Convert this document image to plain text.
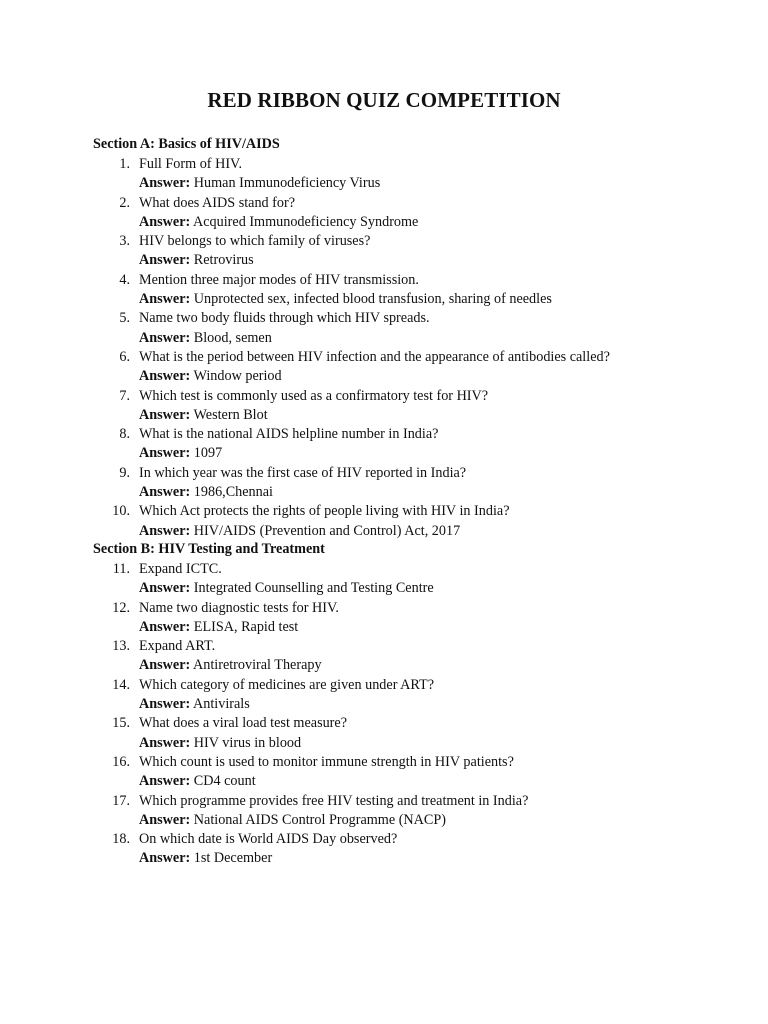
RED RIBBON QUIZ COMPETITION

Section A: Basics of HIV/AIDS

1. Full Form of HIV.
Answer: Human Immunodeficiency Virus
2. What does AIDS stand for?
Answer: Acquired Immunodeficiency Syndrome
3. HIV belongs to which family of viruses?
Answer: Retrovirus
4. Mention three major modes of HIV transmission.
Answer: Unprotected sex, infected blood transfusion, sharing of needles
5. Name two body fluids through which HIV spreads.
Answer: Blood, semen
6. What is the period between HIV infection and the appearance of antibodies called?
Answer: Window period
7. Which test is commonly used as a confirmatory test for HIV?
Answer: Western Blot
8. What is the national AIDS helpline number in India?
Answer: 1097
9. In which year was the first case of HIV reported in India?
Answer: 1986,Chennai
10. Which Act protects the rights of people living with HIV in India?
Answer: HIV/AIDS (Prevention and Control) Act, 2017

Section B: HIV Testing and Treatment

11. Expand ICTC.
Answer: Integrated Counselling and Testing Centre
12. Name two diagnostic tests for HIV.
Answer: ELISA, Rapid test
13. Expand ART.
Answer: Antiretroviral Therapy
14. Which category of medicines are given under ART?
Answer: Antivirals
15. What does a viral load test measure?
Answer: HIV virus in blood
16. Which count is used to monitor immune strength in HIV patients?
Answer: CD4 count
17. Which programme provides free HIV testing and treatment in India?
Answer: National AIDS Control Programme (NACP)
18. On which date is World AIDS Day observed?
Answer: 1st December
